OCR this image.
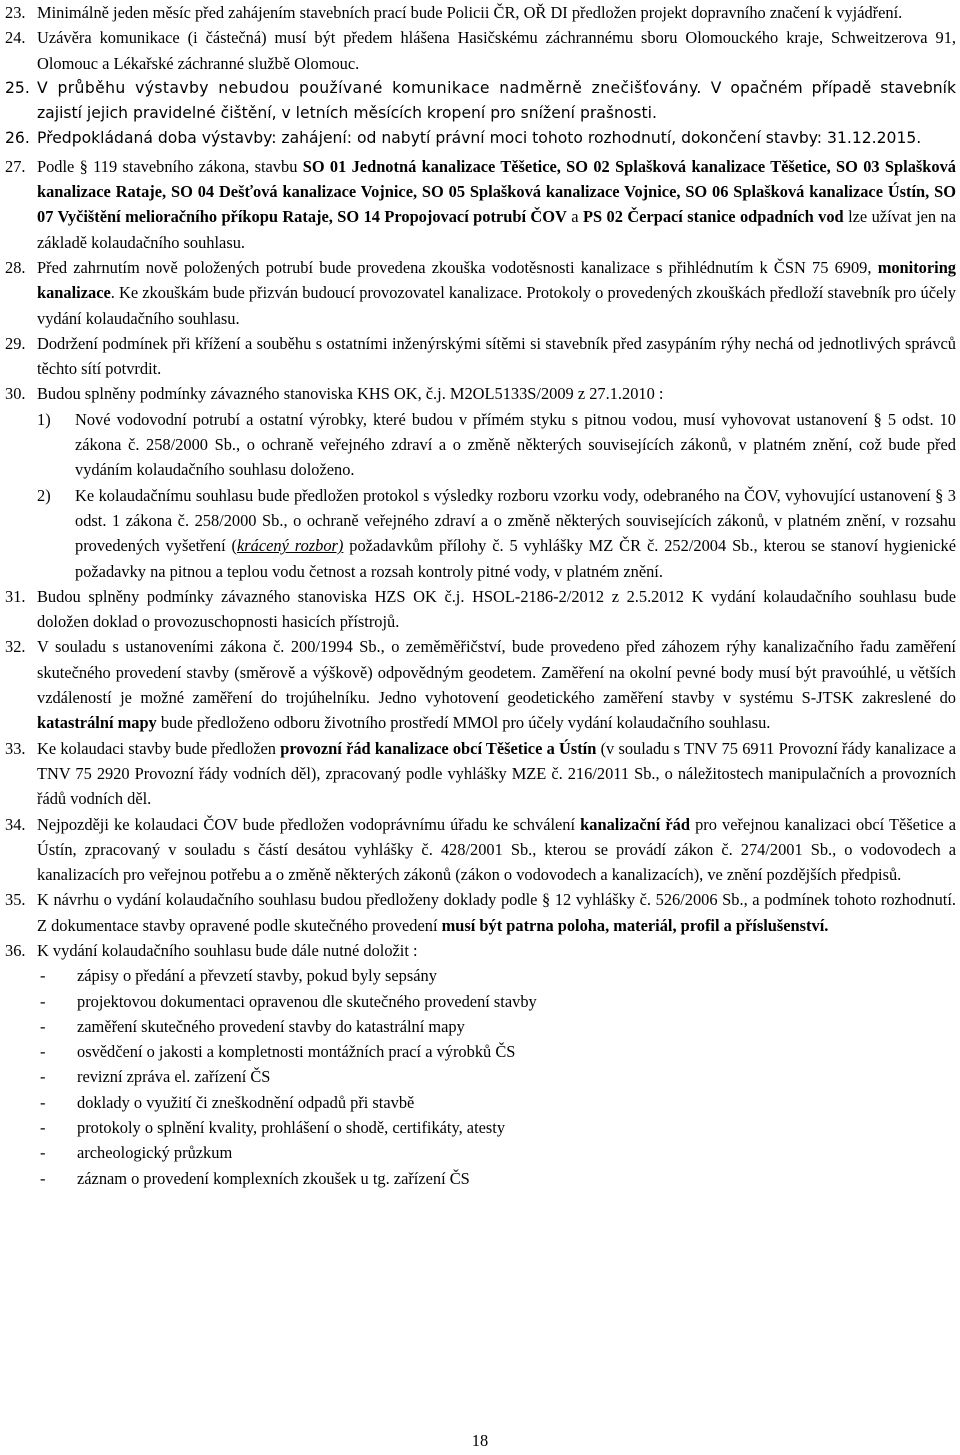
23. Minimálně jeden měsíc před zahájením stavebních prací bude Policii ČR, OŘ DI předložen projekt dopravního značení k vyjádření.
24. Uzávěra komunikace (i částečná) musí být předem hlášena Hasičskému záchrannému sboru Olomouckého kraje, Schweitzerova 91, Olomouc a Lékařské záchranné službě Olomouc.
25. V průběhu výstavby nebudou používané komunikace nadměrně znečišťovány. V opačném případě stavebník zajistí jejich pravidelné čištění, v letních měsících kropení pro snížení prašnosti.
26. Předpokládaná doba výstavby: zahájení: od nabytí právní moci tohoto rozhodnutí, dokončení stavby: 31.12.2015.
27. Podle § 119 stavebního zákona, stavbu SO 01 Jednotná kanalizace Těšetice, SO 02 Splašková kanalizace Těšetice, SO 03 Splašková kanalizace Rataje, SO 04 Dešťová kanalizace Vojnice, SO 05 Splašková kanalizace Vojnice, SO 06 Splašková kanalizace Ústín, SO 07 Vyčištění melioračního příkopu Rataje, SO 14 Propojovací potrubí ČOV a PS 02 Čerpací stanice odpadních vod lze užívat jen na základě kolaudačního souhlasu.
28. Před zahrnutím nově položených potrubí bude provedena zkouška vodotěsnosti kanalizace s přihlédnutím k ČSN 75 6909, monitoring kanalizace. Ke zkouškám bude přizván budoucí provozovatel kanalizace. Protokoly o provedených zkouškách předloží stavebník pro účely vydání kolaudačního souhlasu.
29. Dodržení podmínek při křížení a souběhu s ostatními inženýrskými sítěmi si stavebník před zasypáním rýhy nechá od jednotlivých správců těchto sítí potvrdit.
30. Budou splněny podmínky závazného stanoviska KHS OK, č.j. M2OL5133S/2009 z 27.1.2010 :
1) Nové vodovodní potrubí a ostatní výrobky, které budou v přímém styku s pitnou vodou, musí vyhovovat ustanovení § 5 odst. 10 zákona č. 258/2000 Sb., o ochraně veřejného zdraví a o změně některých souvisejících zákonů, v platném znění, což bude před vydáním kolaudačního souhlasu doloženo.
2) Ke kolaudačnímu souhlasu bude předložen protokol s výsledky rozboru vzorku vody, odebraného na ČOV, vyhovující ustanovení § 3 odst. 1 zákona č. 258/2000 Sb., o ochraně veřejného zdraví a o změně některých souvisejících zákonů, v platném znění, v rozsahu provedených vyšetření (krácený rozbor) požadavkům přílohy č. 5 vyhlášky MZ ČR č. 252/2004 Sb., kterou se stanoví hygienické požadavky na pitnou a teplou vodu četnost a rozsah kontroly pitné vody, v platném znění.
31. Budou splněny podmínky závazného stanoviska HZS OK č.j. HSOL-2186-2/2012 z 2.5.2012 K vydání kolaudačního souhlasu bude doložen doklad o provozuschopnosti hasicích přístrojů.
32. V souladu s ustanoveními zákona č. 200/1994 Sb., o zeměměřičství, bude provedeno před záhozem rýhy kanalizačního řadu zaměření skutečného provedení stavby (směrově a výškově) odpovědným geodetem. Zaměření na okolní pevné body musí být pravoúhlé, u větších vzdáleností je možné zaměření do trojúhelníku. Jedno vyhotovení geodetického zaměření stavby v systému S-JTSK zakreslené do katastrální mapy bude předloženo odboru životního prostředí MMOl pro účely vydání kolaudačního souhlasu.
33. Ke kolaudaci stavby bude předložen provozní řád kanalizace obcí Těšetice a Ústín (v souladu s TNV 75 6911 Provozní řády kanalizace a TNV 75 2920 Provozní řády vodních děl), zpracovaný podle vyhlášky MZE č. 216/2011 Sb., o náležitostech manipulačních a provozních řádů vodních děl.
34. Nejpozději ke kolaudaci ČOV bude předložen vodoprávnímu úřadu ke schválení kanalizační řád pro veřejnou kanalizaci obcí Těšetice a Ústín, zpracovaný v souladu s částí desátou vyhlášky č. 428/2001 Sb., kterou se provádí zákon č. 274/2001 Sb., o vodovodech a kanalizacích pro veřejnou potřebu a o změně některých zákonů (zákon o vodovodech a kanalizacích), ve znění pozdějších předpisů.
35. K návrhu o vydání kolaudačního souhlasu budou předloženy doklady podle § 12 vyhlášky č. 526/2006 Sb., a podmínek tohoto rozhodnutí. Z dokumentace stavby opravené podle skutečného provedení musí být patrna poloha, materiál, profil a příslušenství.
36. K vydání kolaudačního souhlasu bude dále nutné doložit :
- zápisy o předání a převzetí stavby, pokud byly sepsány
- projektovou dokumentaci opravenou dle skutečného provedení stavby
- zaměření skutečného provedení stavby do katastrální mapy
- osvědčení o jakosti a kompletnosti montážních prací a výrobků ČS
- revizní zpráva el. zařízení ČS
- doklady o využití či zneškodnění odpadů při stavbě
- protokoly o splnění kvality, prohlášení o shodě, certifikáty, atesty
- archeologický průzkum
- záznam o provedení komplexních zkoušek u tg. zařízení ČS
18
